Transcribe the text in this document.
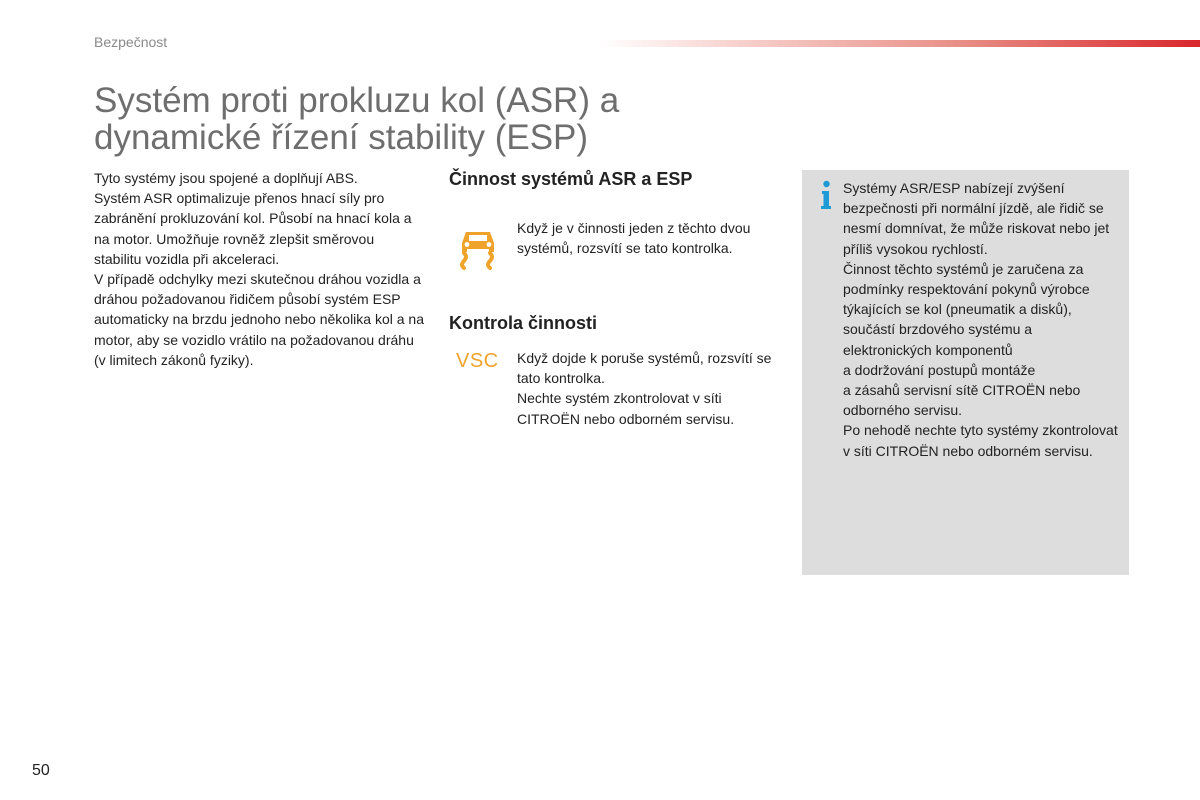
Bezpečnost
Systém proti prokluzu kol (ASR) a dynamické řízení stability (ESP)
Tyto systémy jsou spojené a doplňují ABS.
Systém ASR optimalizuje přenos hnací síly pro zabránění prokluzování kol. Působí na hnací kola a na motor. Umožňuje rovněž zlepšit směrovou stabilitu vozidla při akceleraci.
V případě odchylky mezi skutečnou dráhou vozidla a dráhou požadovanou řidičem působí systém ESP automaticky na brzdu jednoho nebo několika kol a na motor, aby se vozidlo vrátilo na požadovanou dráhu
(v limitech zákonů fyziky).
Činnost systémů ASR a ESP
Když je v činnosti jeden z těchto dvou systémů, rozsvítí se tato kontrolka.
Kontrola činnosti
VSC Když dojde k poruše systémů, rozsvítí se tato kontrolka.
Nechte systém zkontrolovat v síti CITROËN nebo odborném servisu.
Systémy ASR/ESP nabízejí zvýšení bezpečnosti při normální jízdě, ale řidič se nesmí domnívat, že může riskovat nebo jet příliš vysokou rychlostí.
Činnost těchto systémů je zaručena za podmínky respektování pokynů výrobce týkajících se kol (pneumatik a disků), součástí brzdového systému a elektronických komponentů
a dodržování postupů montáže
a zásahů servisní sítě CITROËN nebo odborného servisu.
Po nehodě nechte tyto systémy zkontrolovat v síti CITROËN nebo odborném servisu.
50
